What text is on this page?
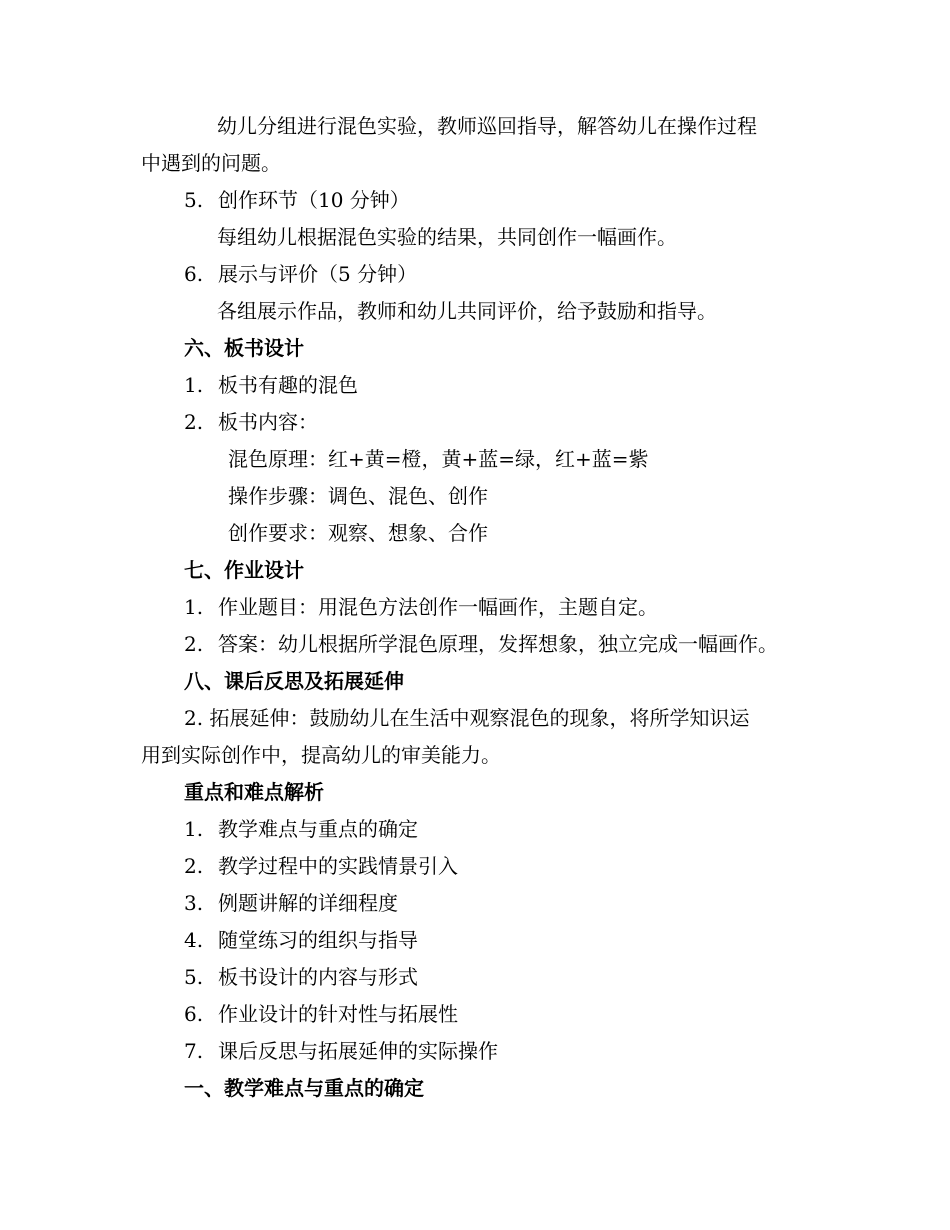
幼儿分组进行混色实验，教师巡回指导，解答幼儿在操作过程
中遇到的问题。
5. 创作环节（10 分钟）
每组幼儿根据混色实验的结果，共同创作一幅画作。
6. 展示与评价（5 分钟）
各组展示作品，教师和幼儿共同评价，给予鼓励和指导。
六、板书设计
1. 板书有趣的混色
2. 板书内容：
混色原理：红+黄=橙，黄+蓝=绿，红+蓝=紫
操作步骤：调色、混色、创作
创作要求：观察、想象、合作
七、作业设计
1. 作业题目：用混色方法创作一幅画作，主题自定。
2. 答案：幼儿根据所学混色原理，发挥想象，独立完成一幅画作。
八、课后反思及拓展延伸
2. 拓展延伸：鼓励幼儿在生活中观察混色的现象，将所学知识运
用到实际创作中，提高幼儿的审美能力。
重点和难点解析
1. 教学难点与重点的确定
2. 教学过程中的实践情景引入
3. 例题讲解的详细程度
4. 随堂练习的组织与指导
5. 板书设计的内容与形式
6. 作业设计的针对性与拓展性
7. 课后反思与拓展延伸的实际操作
一、教学难点与重点的确定
